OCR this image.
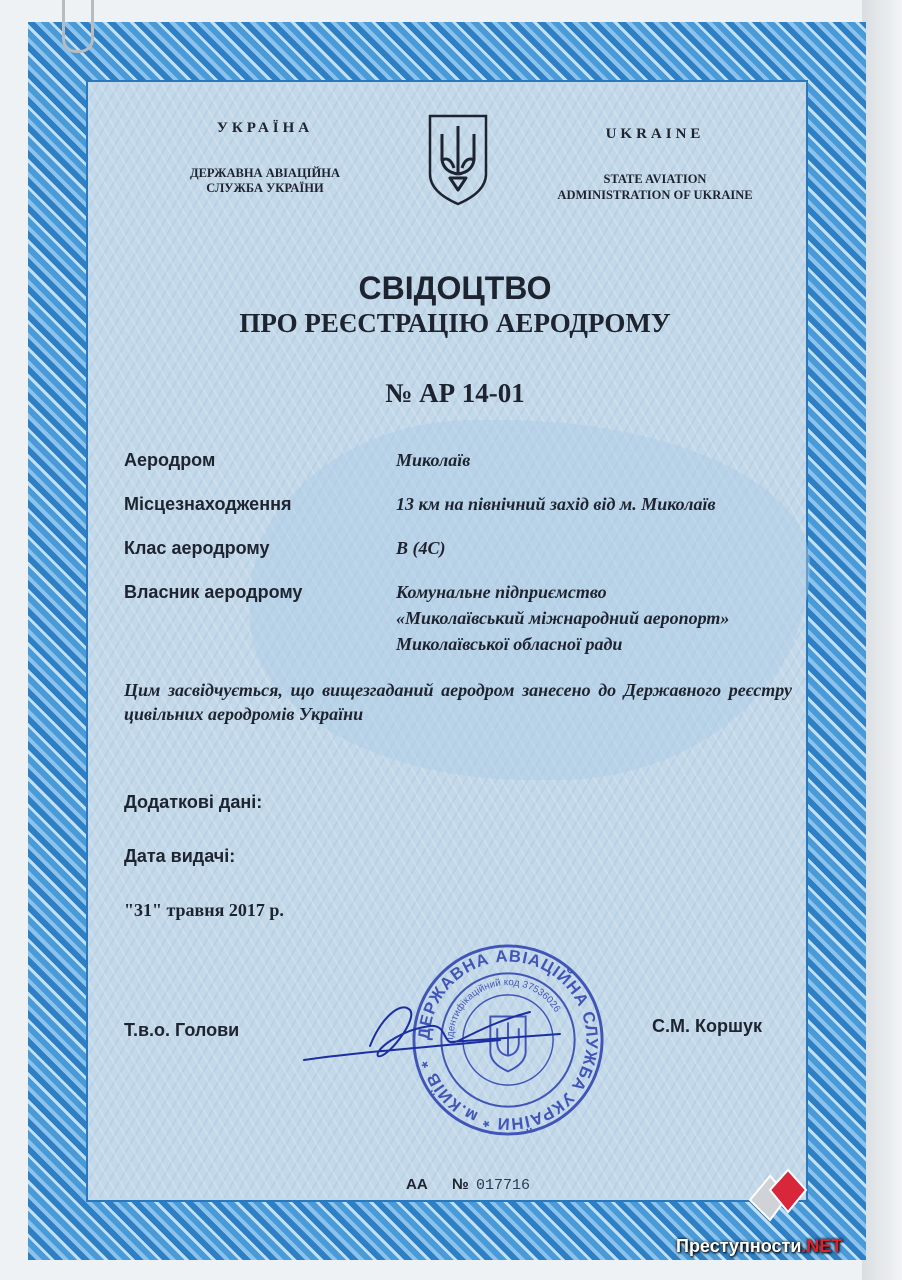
УКРАЇНА
ДЕРЖАВНА АВІАЦІЙНА
СЛУЖБА УКРАЇНИ
UKRAINE
STATE AVIATION
ADMINISTRATION OF UKRAINE
СВІДОЦТВО
ПРО РЕЄСТРАЦІЮ АЕРОДРОМУ
№ АР 14-01
Аеродром	Миколаїв
Місцезнаходження	13 км на північний захід від м. Миколаїв
Клас аеродрому	B (4C)
Власник аеродрому	Комунальне підприємство
«Миколаївський міжнародний аеропорт»
Миколаївської обласної ради
Цим засвідчується, що вищезгаданий аеродром занесено до Державного реєстру цивільних аеродромів України
Додаткові дані:
Дата видачі:
"31" травня 2017 р.
ДЕРЖАВНА АВІАЦІЙНА СЛУЖБА УКРАЇНИ * м.КИЇВ *
Ідентифікаційний код 37536026
Т.в.о. Голови	С.М. Коршук
АА № 017716
Преступности.NET
